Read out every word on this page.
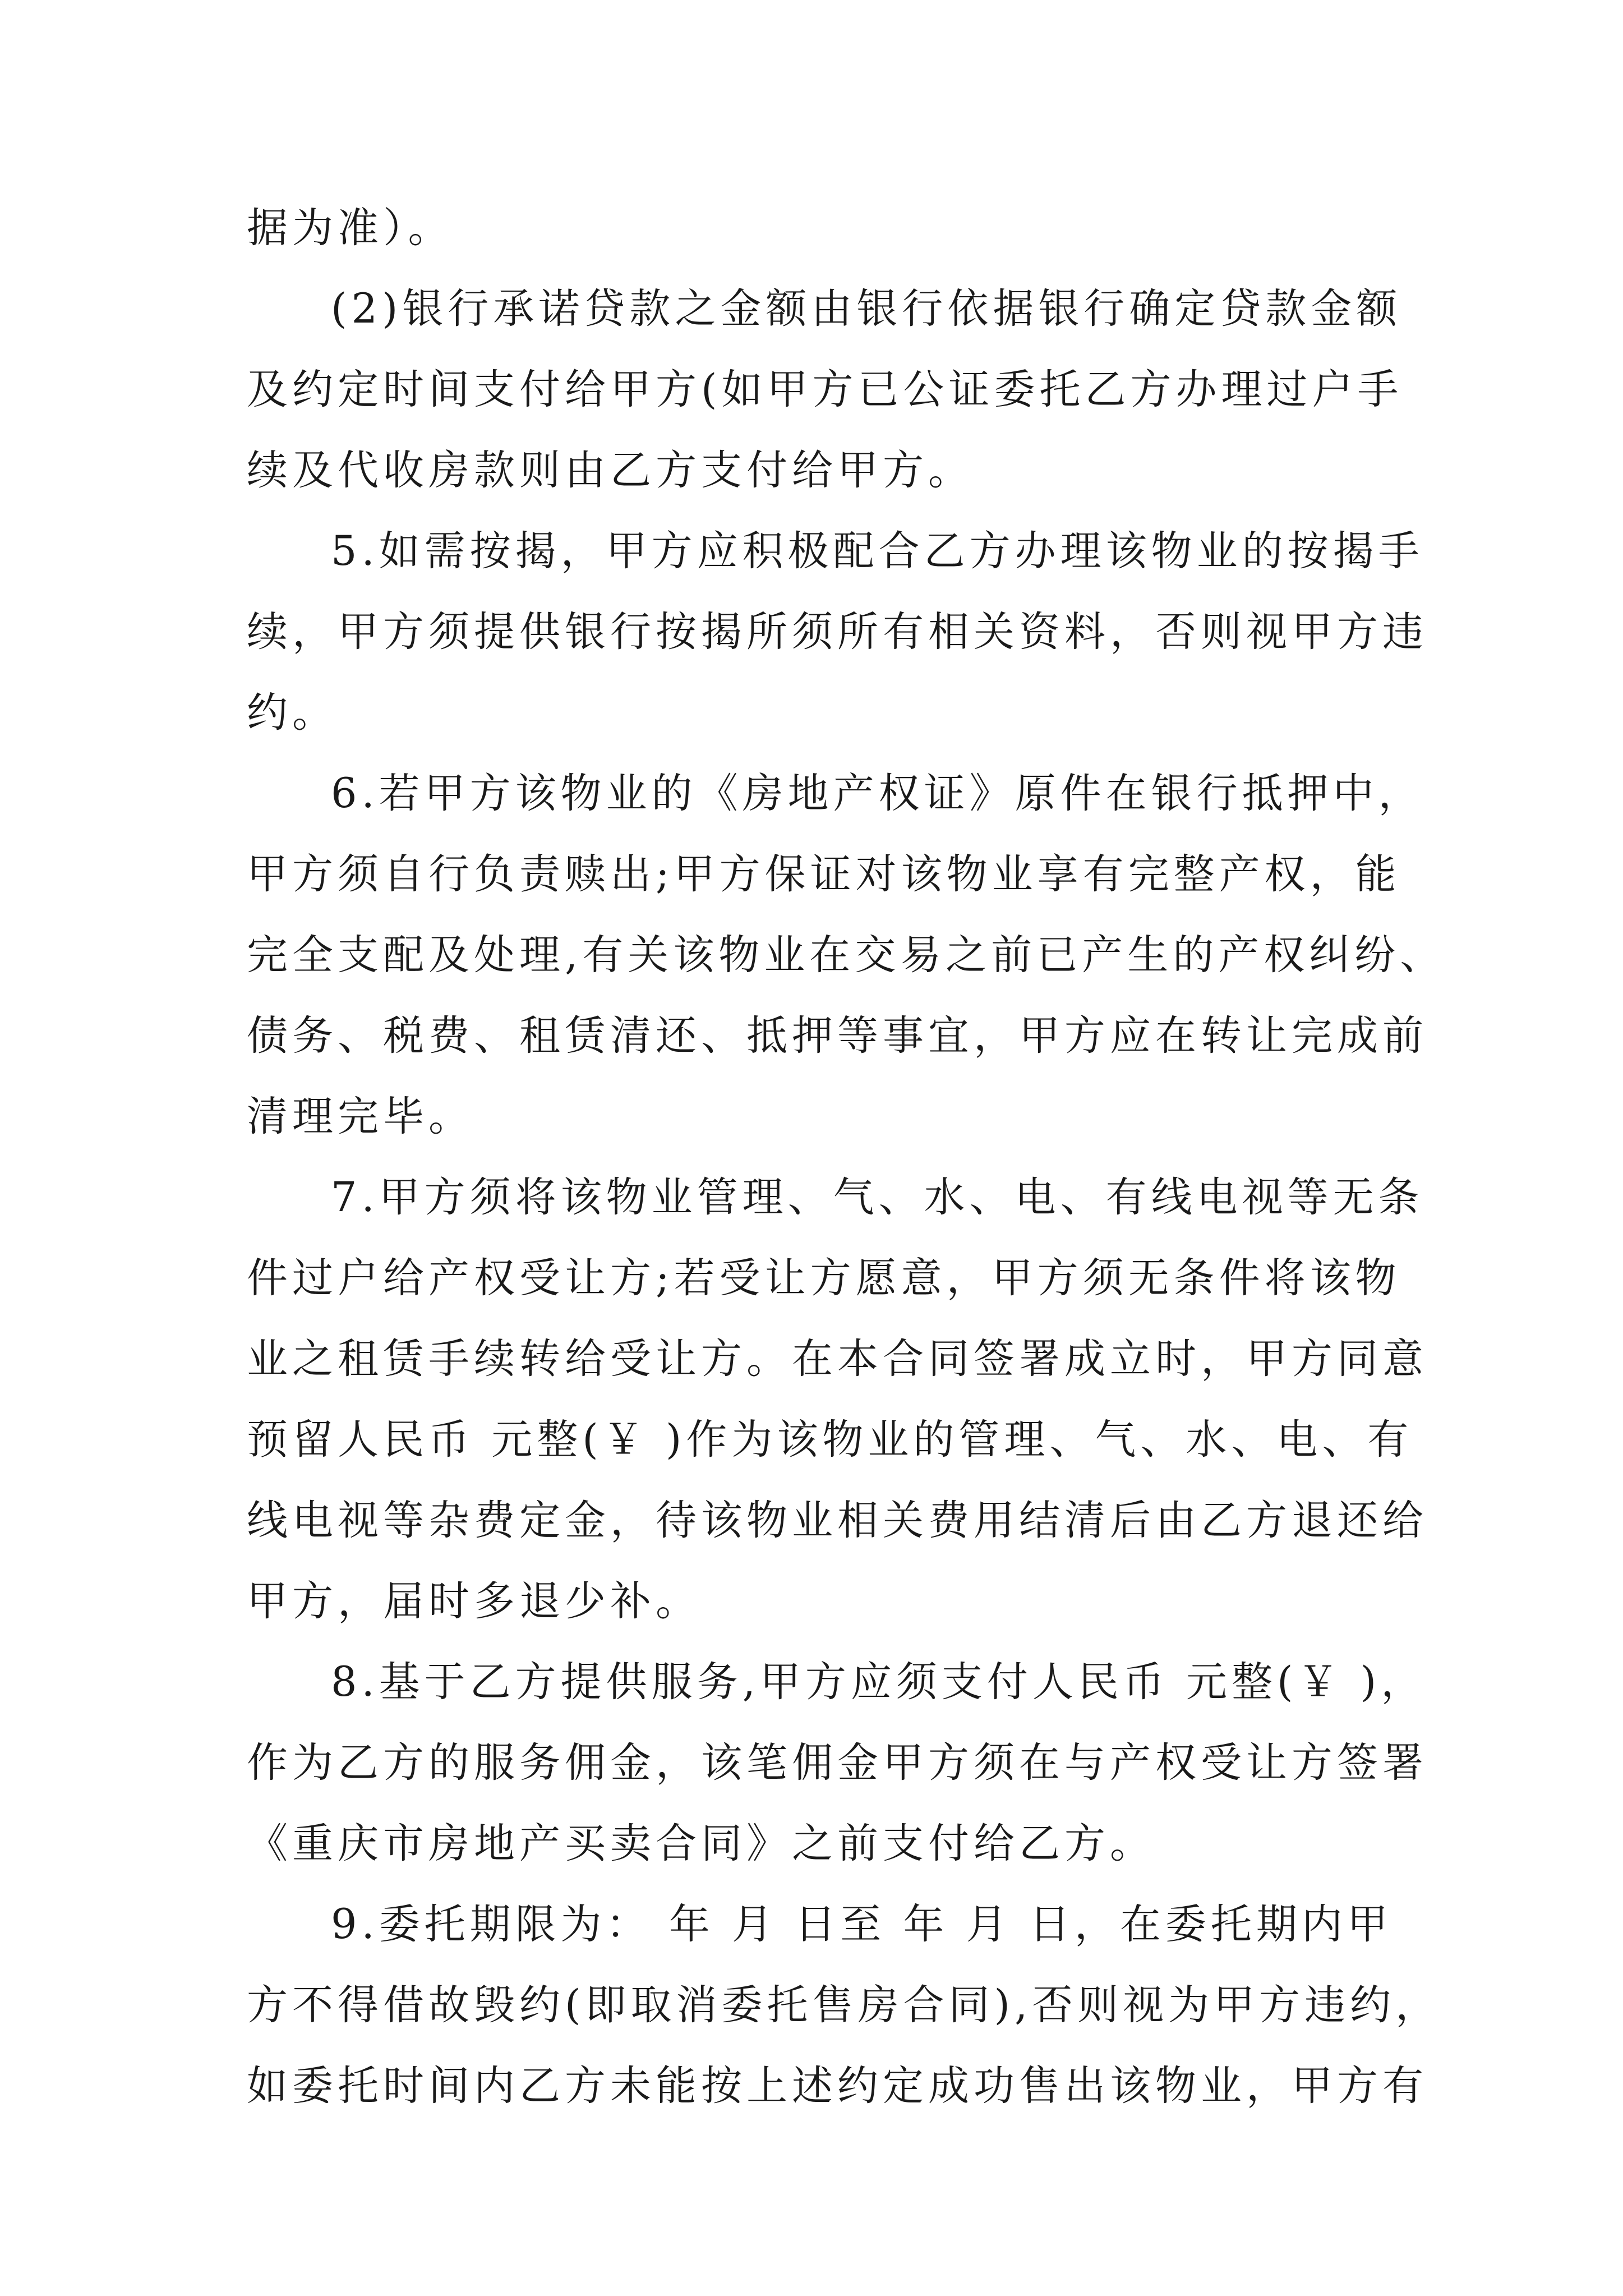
据为准）。
(2)银行承诺贷款之金额由银行依据银行确定贷款金额
及约定时间支付给甲方(如甲方已公证委托乙方办理过户手
续及代收房款则由乙方支付给甲方。
5.如需按揭，甲方应积极配合乙方办理该物业的按揭手
续，甲方须提供银行按揭所须所有相关资料，否则视甲方违
约。
6.若甲方该物业的《房地产权证》原件在银行抵押中，
甲方须自行负责赎出;甲方保证对该物业享有完整产权，能
完全支配及处理,有关该物业在交易之前已产生的产权纠纷、
债务、税费、租赁清还、抵押等事宜，甲方应在转让完成前
清理完毕。
7.甲方须将该物业管理、气、水、电、有线电视等无条
件过户给产权受让方;若受让方愿意，甲方须无条件将该物
业之租赁手续转给受让方。在本合同签署成立时，甲方同意
预留人民币 元整(￥ )作为该物业的管理、气、水、电、有
线电视等杂费定金，待该物业相关费用结清后由乙方退还给
甲方，届时多退少补。
8.基于乙方提供服务,甲方应须支付人民币 元整(￥ )，
作为乙方的服务佣金，该笔佣金甲方须在与产权受让方签署
《重庆市房地产买卖合同》之前支付给乙方。
9.委托期限为： 年 月 日至 年 月 日，在委托期内甲
方不得借故毁约(即取消委托售房合同),否则视为甲方违约，
如委托时间内乙方未能按上述约定成功售出该物业，甲方有
